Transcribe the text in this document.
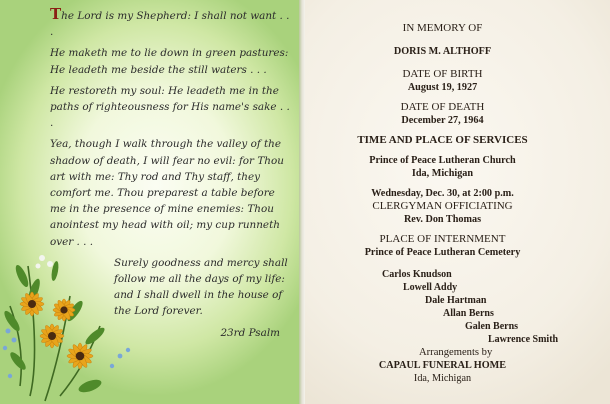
The Lord is my Shepherd: I shall not want . . .

He maketh me to lie down in green pastures: He leadeth me beside the still waters . . .

He restoreth my soul: He leadeth me in the paths of righteousness for His name's sake . . .

Yea, though I walk through the valley of the shadow of death, I will fear no evil: for Thou art with me: Thy rod and Thy staff, they comfort me. Thou preparest a table before me in the presence of mine enemies: Thou anointest my head with oil; my cup runneth over . . .

Surely goodness and mercy shall follow me all the days of my life: and I shall dwell in the house of the Lord forever.

23rd Psalm
IN MEMORY OF
DORIS M. ALTHOFF
DATE OF BIRTH
August 19, 1927
DATE OF DEATH
December 27, 1964
TIME AND PLACE OF SERVICES
Prince of Peace Lutheran Church
Ida, Michigan
Wednesday, Dec. 30, at 2:00 p.m.
CLERGYMAN OFFICIATING
Rev. Don Thomas
PLACE OF INTERNMENT
Prince of Peace Lutheran Cemetery
Carlos Knudson
Lowell Addy
Dale Hartman
Allan Berns
Galen Berns
Lawrence Smith
Arrangements by
CAPAUL FUNERAL HOME
Ida, Michigan
